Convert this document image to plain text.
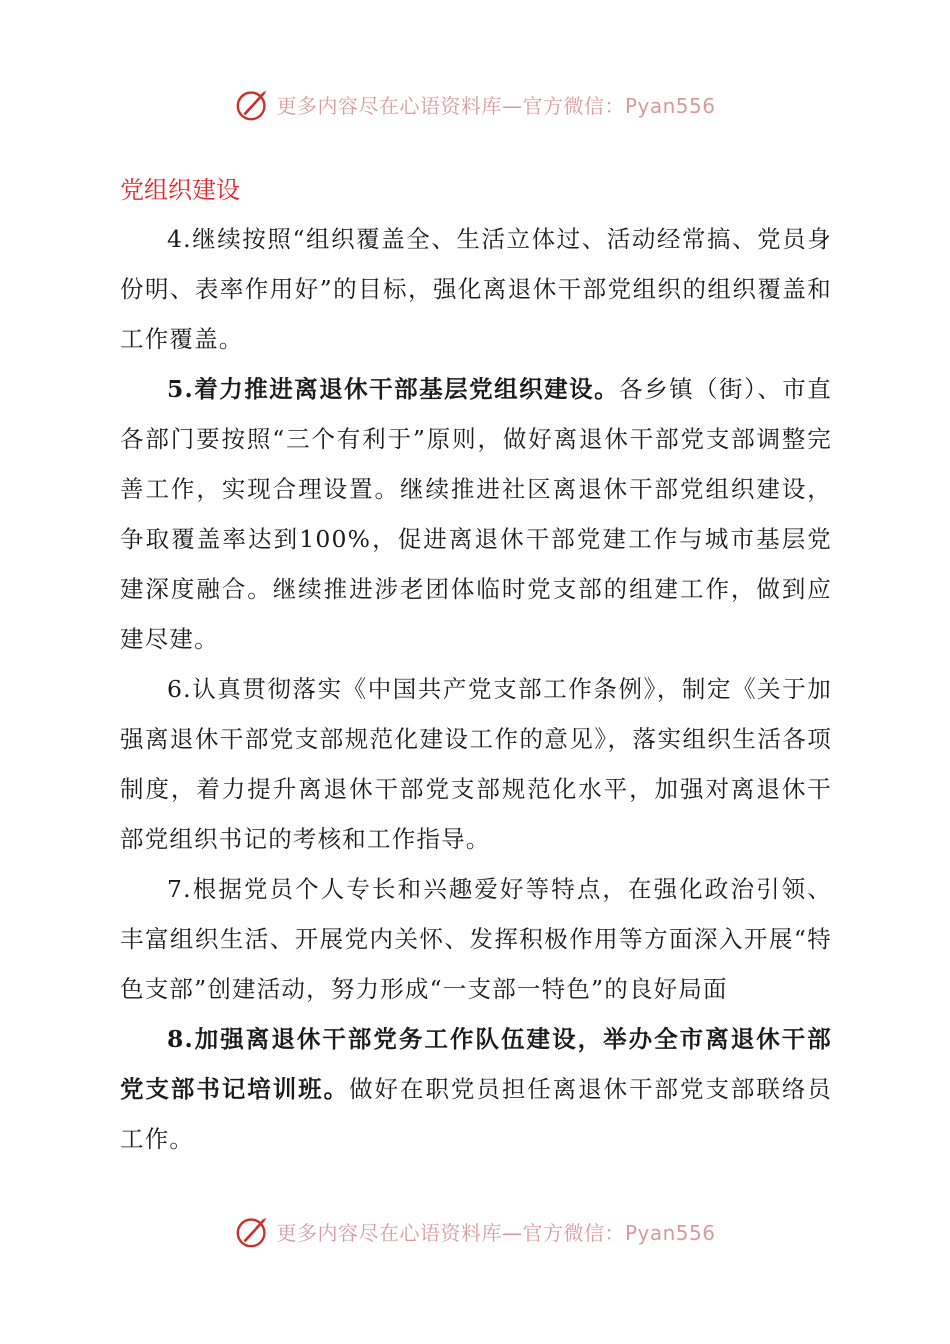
更多内容尽在心语资料库—官方微信：Pyan556
党组织建设

4.继续按照“组织覆盖全、生活立体过、活动经常搞、党员身份明、表率作用好”的目标，强化离退休干部党组织的组织覆盖和工作覆盖。

5.着力推进离退休干部基层党组织建设。各乡镇（街）、市直各部门要按照“三个有利于”原则，做好离退休干部党支部调整完善工作，实现合理设置。继续推进社区离退休干部党组织建设，争取覆盖率达到100%，促进离退休干部党建工作与城市基层党建深度融合。继续推进涉老团体临时党支部的组建工作，做到应建尽建。

6.认真贯彻落实《中国共产党支部工作条例》，制定《关于加强离退休干部党支部规范化建设工作的意见》，落实组织生活各项制度，着力提升离退休干部党支部规范化水平，加强对离退休干部党组织书记的考核和工作指导。

7.根据党员个人专长和兴趣爱好等特点，在强化政治引领、丰富组织生活、开展党内关怀、发挥积极作用等方面深入开展“特色支部”创建活动，努力形成“一支部一特色”的良好局面

8.加强离退休干部党务工作队伍建设，举办全市离退休干部党支部书记培训班。做好在职党员担任离退休干部党支部联络员工作。

更多内容尽在心语资料库—官方微信：Pyan556
